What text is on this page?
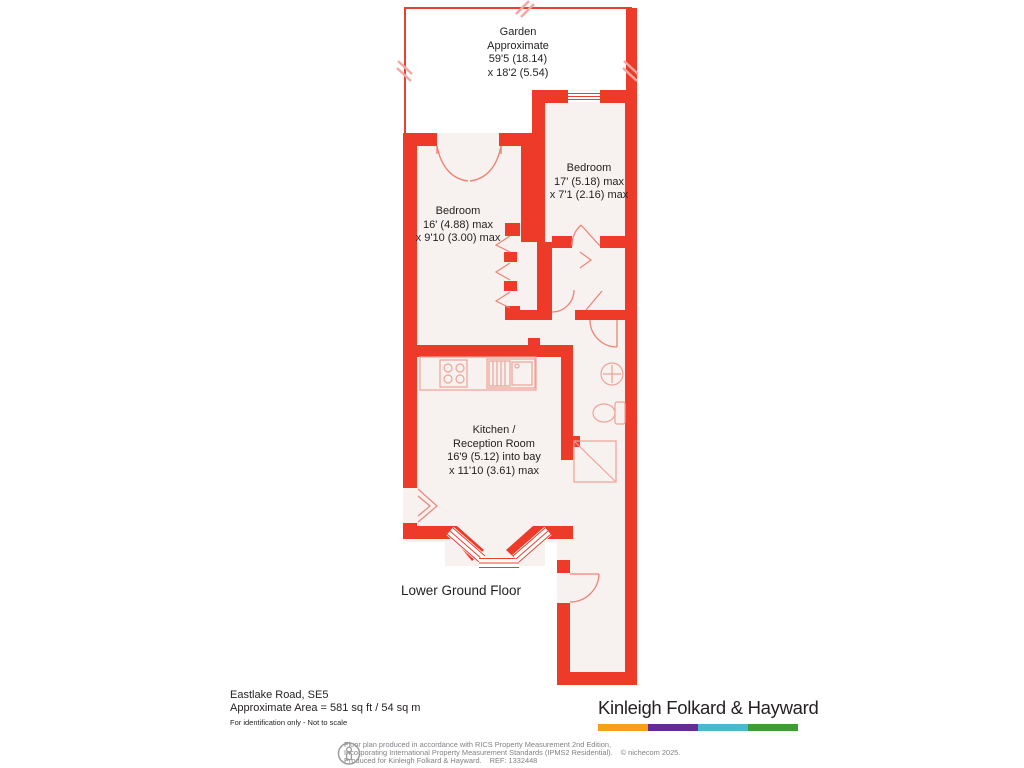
Garden
Approximate
59'5 (18.14)
x 18'2 (5.54)
Bedroom
17' (5.18) max
x 7'1 (2.16) max
Bedroom
16' (4.88) max
x 9'10 (3.00) max
Kitchen /
Reception Room
16'9 (5.12) into bay
x 11'10 (3.61) max
Lower Ground Floor
Eastlake Road, SE5
Approximate Area = 581 sq ft / 54 sq m
For identification only - Not to scale
Kinleigh Folkard & Hayward
Floor plan produced in accordance with RICS Property Measurement 2nd Edition,
Incorporating International Property Measurement Standards (IPMS2 Residential). © nichecom 2025.
Produced for Kinleigh Folkard & Hayward. REF: 1332448
